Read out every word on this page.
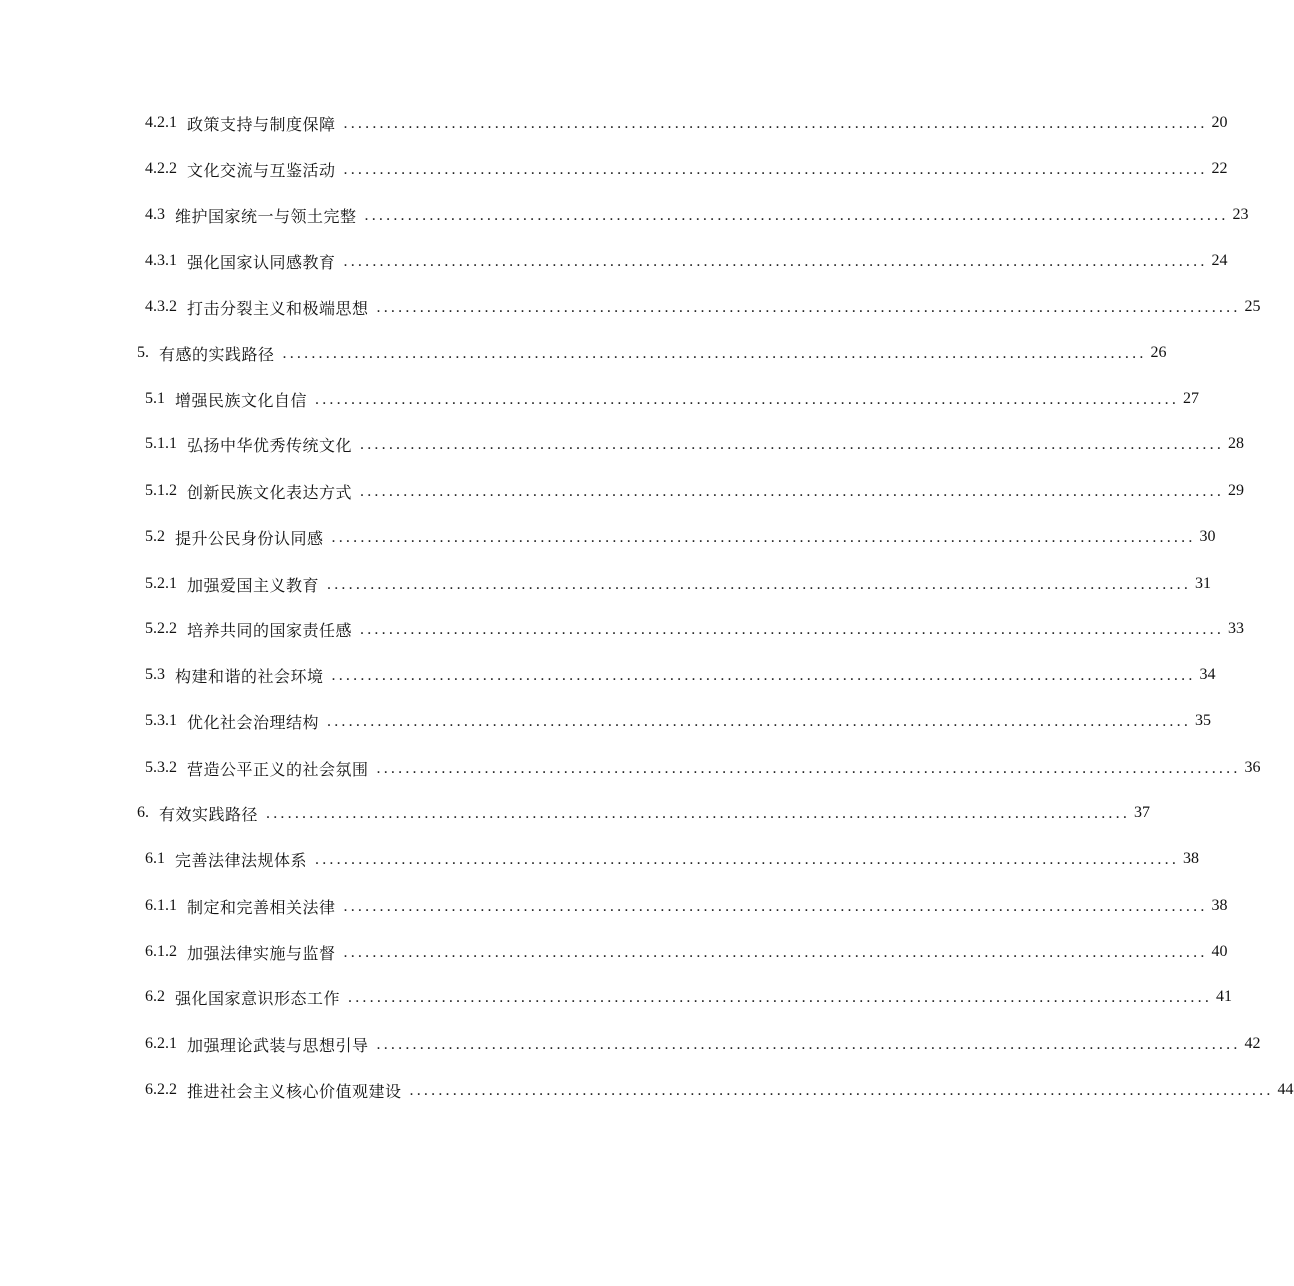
4.2.1 政策支持与制度保障 ........................................................................................................................ 20
4.2.2 文化交流与互鉴活动 ........................................................................................................................ 22
4.3 维护国家统一与领土完整 ........................................................................................................................ 23
4.3.1 强化国家认同感教育 ........................................................................................................................ 24
4.3.2 打击分裂主义和极端思想 ........................................................................................................................ 25
5. 有感的实践路径 ........................................................................................................................ 26
5.1 增强民族文化自信 ........................................................................................................................ 27
5.1.1 弘扬中华优秀传统文化 ........................................................................................................................ 28
5.1.2 创新民族文化表达方式 ........................................................................................................................ 29
5.2 提升公民身份认同感 ........................................................................................................................ 30
5.2.1 加强爱国主义教育 ........................................................................................................................ 31
5.2.2 培养共同的国家责任感 ........................................................................................................................ 33
5.3 构建和谐的社会环境 ........................................................................................................................ 34
5.3.1 优化社会治理结构 ........................................................................................................................ 35
5.3.2 营造公平正义的社会氛围 ........................................................................................................................ 36
6. 有效实践路径 ........................................................................................................................ 37
6.1 完善法律法规体系 ........................................................................................................................ 38
6.1.1 制定和完善相关法律 ........................................................................................................................ 38
6.1.2 加强法律实施与监督 ........................................................................................................................ 40
6.2 强化国家意识形态工作 ........................................................................................................................ 41
6.2.1 加强理论武装与思想引导 ........................................................................................................................ 42
6.2.2 推进社会主义核心价值观建设 ........................................................................................................................ 44
